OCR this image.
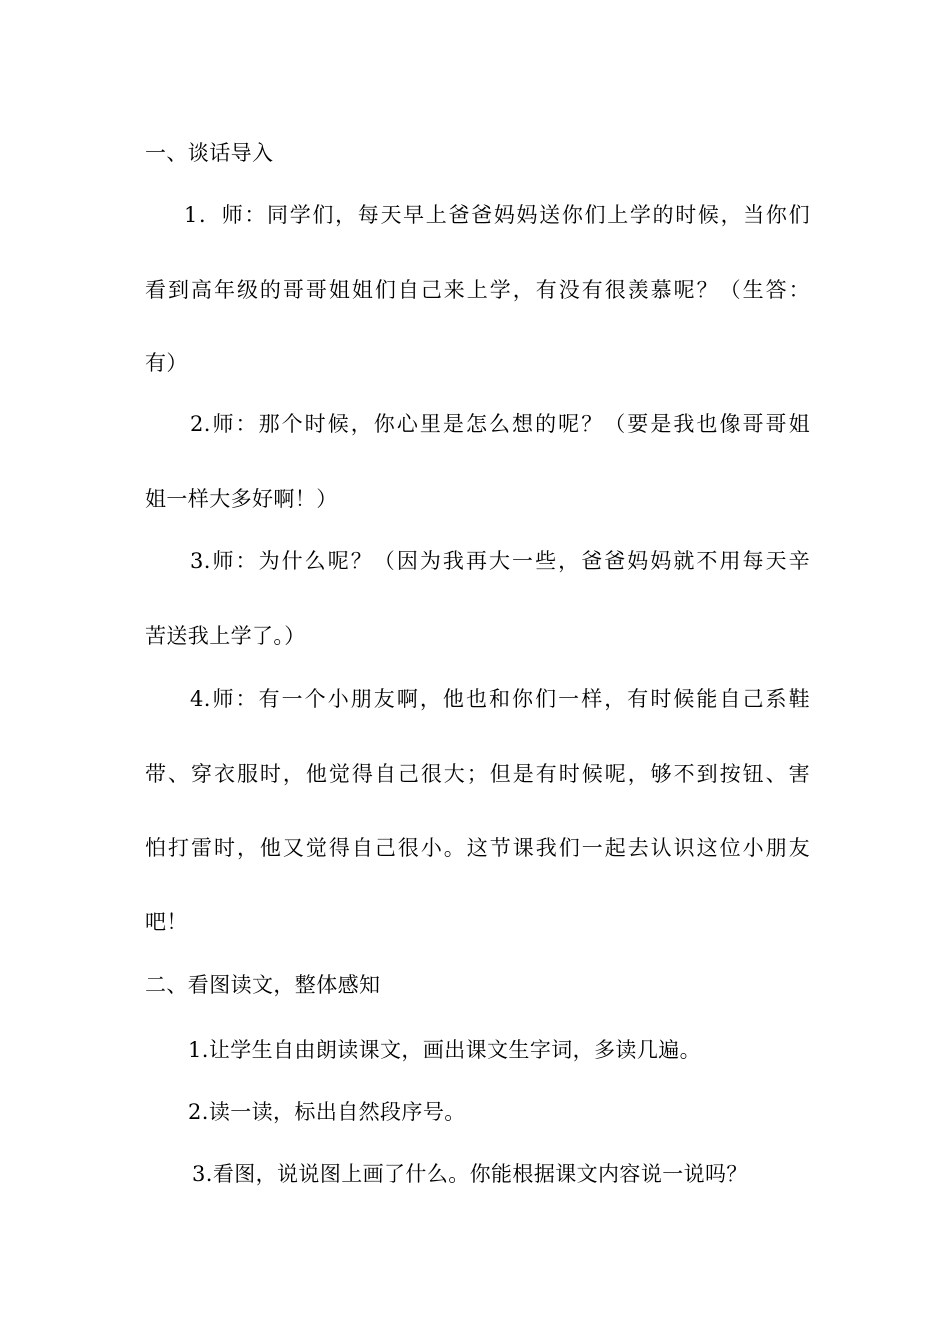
一、谈话导入
1．师：同学们，每天早上爸爸妈妈送你们上学的时候，当你们
看到高年级的哥哥姐姐们自己来上学，有没有很羡慕呢？（生答：
有）
2.师：那个时候，你心里是怎么想的呢？（要是我也像哥哥姐
姐一样大多好啊！）
3.师：为什么呢？（因为我再大一些，爸爸妈妈就不用每天辛
苦送我上学了。）
4.师：有一个小朋友啊，他也和你们一样，有时候能自己系鞋
带、穿衣服时，他觉得自己很大；但是有时候呢，够不到按钮、害
怕打雷时，他又觉得自己很小。这节课我们一起去认识这位小朋友
吧！
二、看图读文，整体感知
1.让学生自由朗读课文，画出课文生字词，多读几遍。
2.读一读，标出自然段序号。
3.看图，说说图上画了什么。你能根据课文内容说一说吗？
